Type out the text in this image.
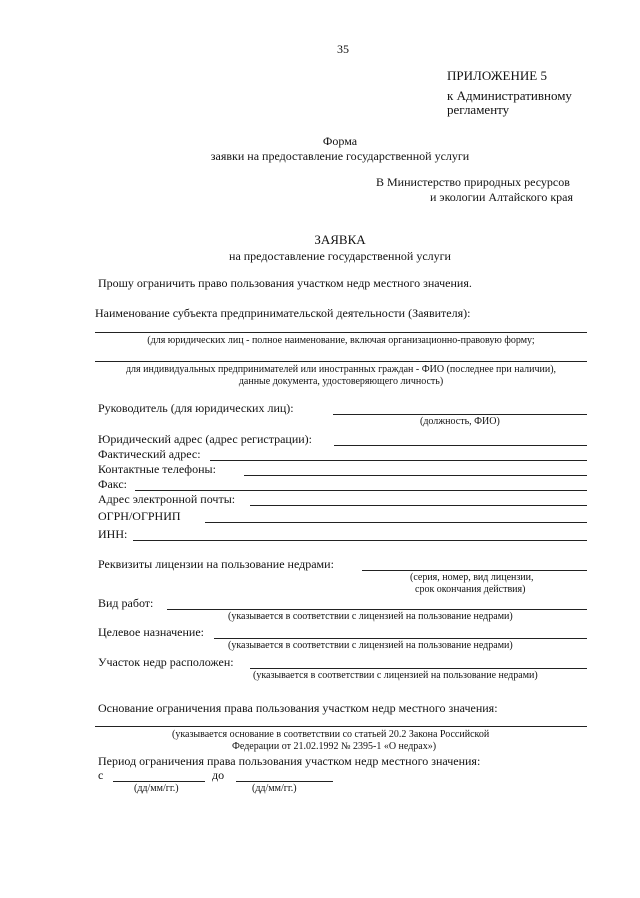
35
ПРИЛОЖЕНИЕ 5
к Административному
регламенту
Форма
заявки на предоставление государственной услуги
В Министерство природных ресурсов
и экологии Алтайского края
ЗАЯВКА
на предоставление государственной услуги
Прошу ограничить право пользования участком недр местного значения.
Наименование субъекта предпринимательской деятельности (Заявителя):
(для юридических лиц - полное наименование, включая организационно-правовую форму;
для индивидуальных предпринимателей или иностранных граждан - ФИО (последнее при наличии),
данные документа, удостоверяющего личность)
Руководитель (для юридических лиц):
(должность, ФИО)
Юридический адрес (адрес регистрации):
Фактический адрес:
Контактные телефоны:
Факс:
Адрес электронной почты:
ОГРН/ОГРНИП
ИНН:
Реквизиты лицензии на пользование недрами:
(серия, номер, вид лицензии,
срок окончания действия)
Вид работ:
(указывается в соответствии с лицензией на пользование недрами)
Целевое назначение:
(указывается в соответствии с лицензией на пользование недрами)
Участок недр расположен:
(указывается в соответствии с лицензией на пользование недрами)
Основание ограничения права пользования участком недр местного значения:
(указывается основание в соответствии со статьей 20.2 Закона Российской
Федерации от 21.02.1992 № 2395-1 «О недрах»)
Период ограничения права пользования участком недр местного значения:
с	до
(дд/мм/гг.)	(дд/мм/гг.)
